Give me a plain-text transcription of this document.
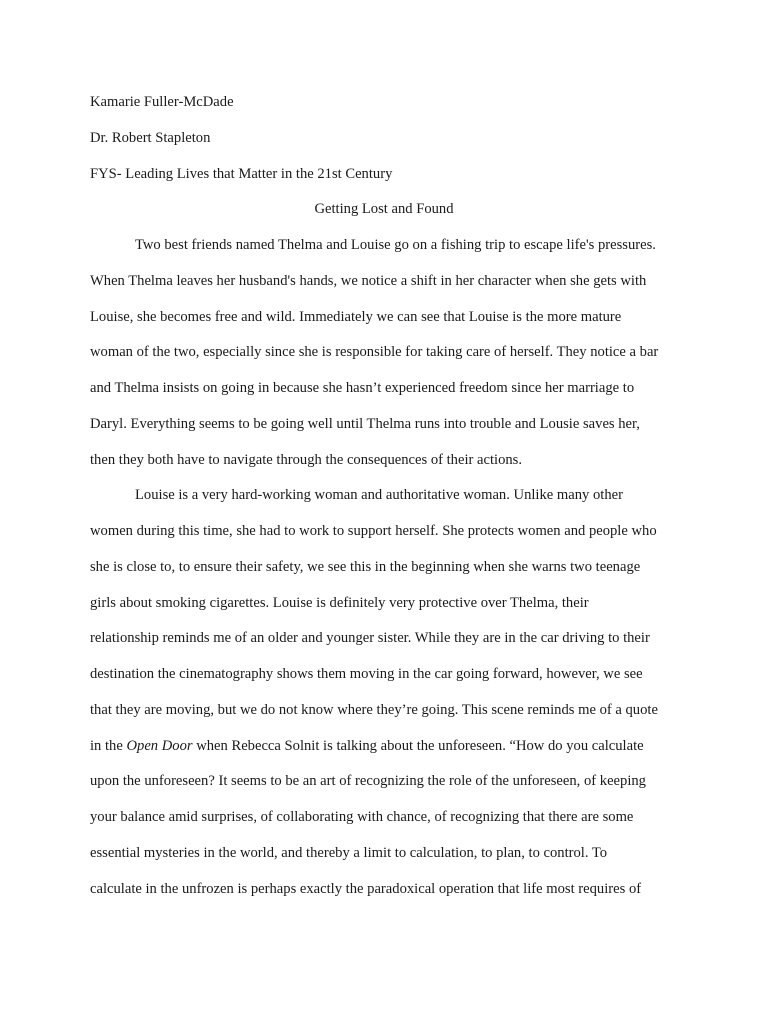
Kamarie Fuller-McDade
Dr. Robert Stapleton
FYS- Leading Lives that Matter in the 21st Century
Getting Lost and Found
Two best friends named Thelma and Louise go on a fishing trip to escape life's pressures.
When Thelma leaves her husband's hands, we notice a shift in her character when she gets with
Louise, she becomes free and wild. Immediately we can see that Louise is the more mature
woman of the two, especially since she is responsible for taking care of herself. They notice a bar
and Thelma insists on going in because she hasn’t experienced freedom since her marriage to
Daryl. Everything seems to be going well until Thelma runs into trouble and Lousie saves her,
then they both have to navigate through the consequences of their actions.
Louise is a very hard-working woman and authoritative woman. Unlike many other
women during this time, she had to work to support herself. She protects women and people who
she is close to, to ensure their safety, we see this in the beginning when she warns two teenage
girls about smoking cigarettes. Louise is definitely very protective over Thelma, their
relationship reminds me of an older and younger sister. While they are in the car driving to their
destination the cinematography shows them moving in the car going forward, however, we see
that they are moving, but we do not know where they’re going. This scene reminds me of a quote
in the Open Door when Rebecca Solnit is talking about the unforeseen. “How do you calculate
upon the unforeseen? It seems to be an art of recognizing the role of the unforeseen, of keeping
your balance amid surprises, of collaborating with chance, of recognizing that there are some
essential mysteries in the world, and thereby a limit to calculation, to plan, to control. To
calculate in the unfrozen is perhaps exactly the paradoxical operation that life most requires of
